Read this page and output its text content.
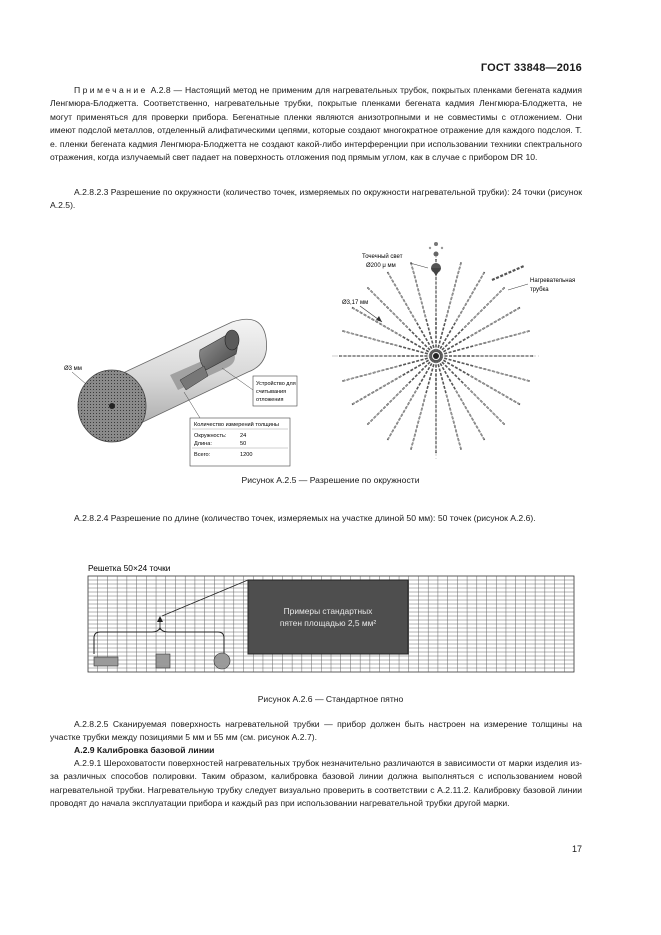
ГОСТ 33848—2016
Примечание А.2.8 — Настоящий метод не применим для нагревательных трубок, покрытых пленками бегената кадмия Ленгмюра-Блоджетта. Соответственно, нагревательные трубки, покрытые пленками бегената кадмия Ленгмюра-Блоджетта, не могут применяться для проверки прибора. Бегенатные пленки являются анизотропными и не совместимы с отложением. Они имеют подслой металлов, отделенный алифатическими цепями, которые создают многократное отражение для каждого подслоя. Т. е. пленки бегената кадмия Ленгмюра-Блоджетта не создают какой-либо интерференции при использовании техники спектрального отражения, когда излучаемый свет падает на поверхность отложения под прямым углом, как в случае с прибором DR 10.
А.2.8.2.3 Разрешение по окружности (количество точек, измеряемых по окружности нагревательной трубки): 24 точки (рисунок А.2.5).
Ø3 мм
Устройство для
считывания
отложения
Количество измерений толщины
Окружность: 24
Длина:	50
Всего:	1200
Точечный свет
Ø200 μ мм
Нагревательная
трубка
Ø3,17 мм
Рисунок А.2.5 — Разрешение по окружности
А.2.8.2.4 Разрешение по длине (количество точек, измеряемых на участке длиной 50 мм): 50 точек (рисунок А.2.6).
Решетка 50×24 точки
Примеры стандартных
пятен площадью 2,5 мм²
Рисунок А.2.6 — Стандартное пятно
А.2.8.2.5 Сканируемая поверхность нагревательной трубки — прибор должен быть настроен на измерение толщины на участке трубки между позициями 5 мм и 55 мм (см. рисунок А.2.7).
А.2.9 Калибровка базовой линии
А.2.9.1 Шероховатости поверхностей нагревательных трубок незначительно различаются в зависимости от марки изделия из-за различных способов полировки. Таким образом, калибровка базовой линии должна выполняться с использованием новой нагревательной трубки. Нагревательную трубку следует визуально проверить в соответствии с А.2.11.2. Калибровку базовой линии проводят до начала эксплуатации прибора и каждый раз при использовании нагревательной трубки другой марки.
17
